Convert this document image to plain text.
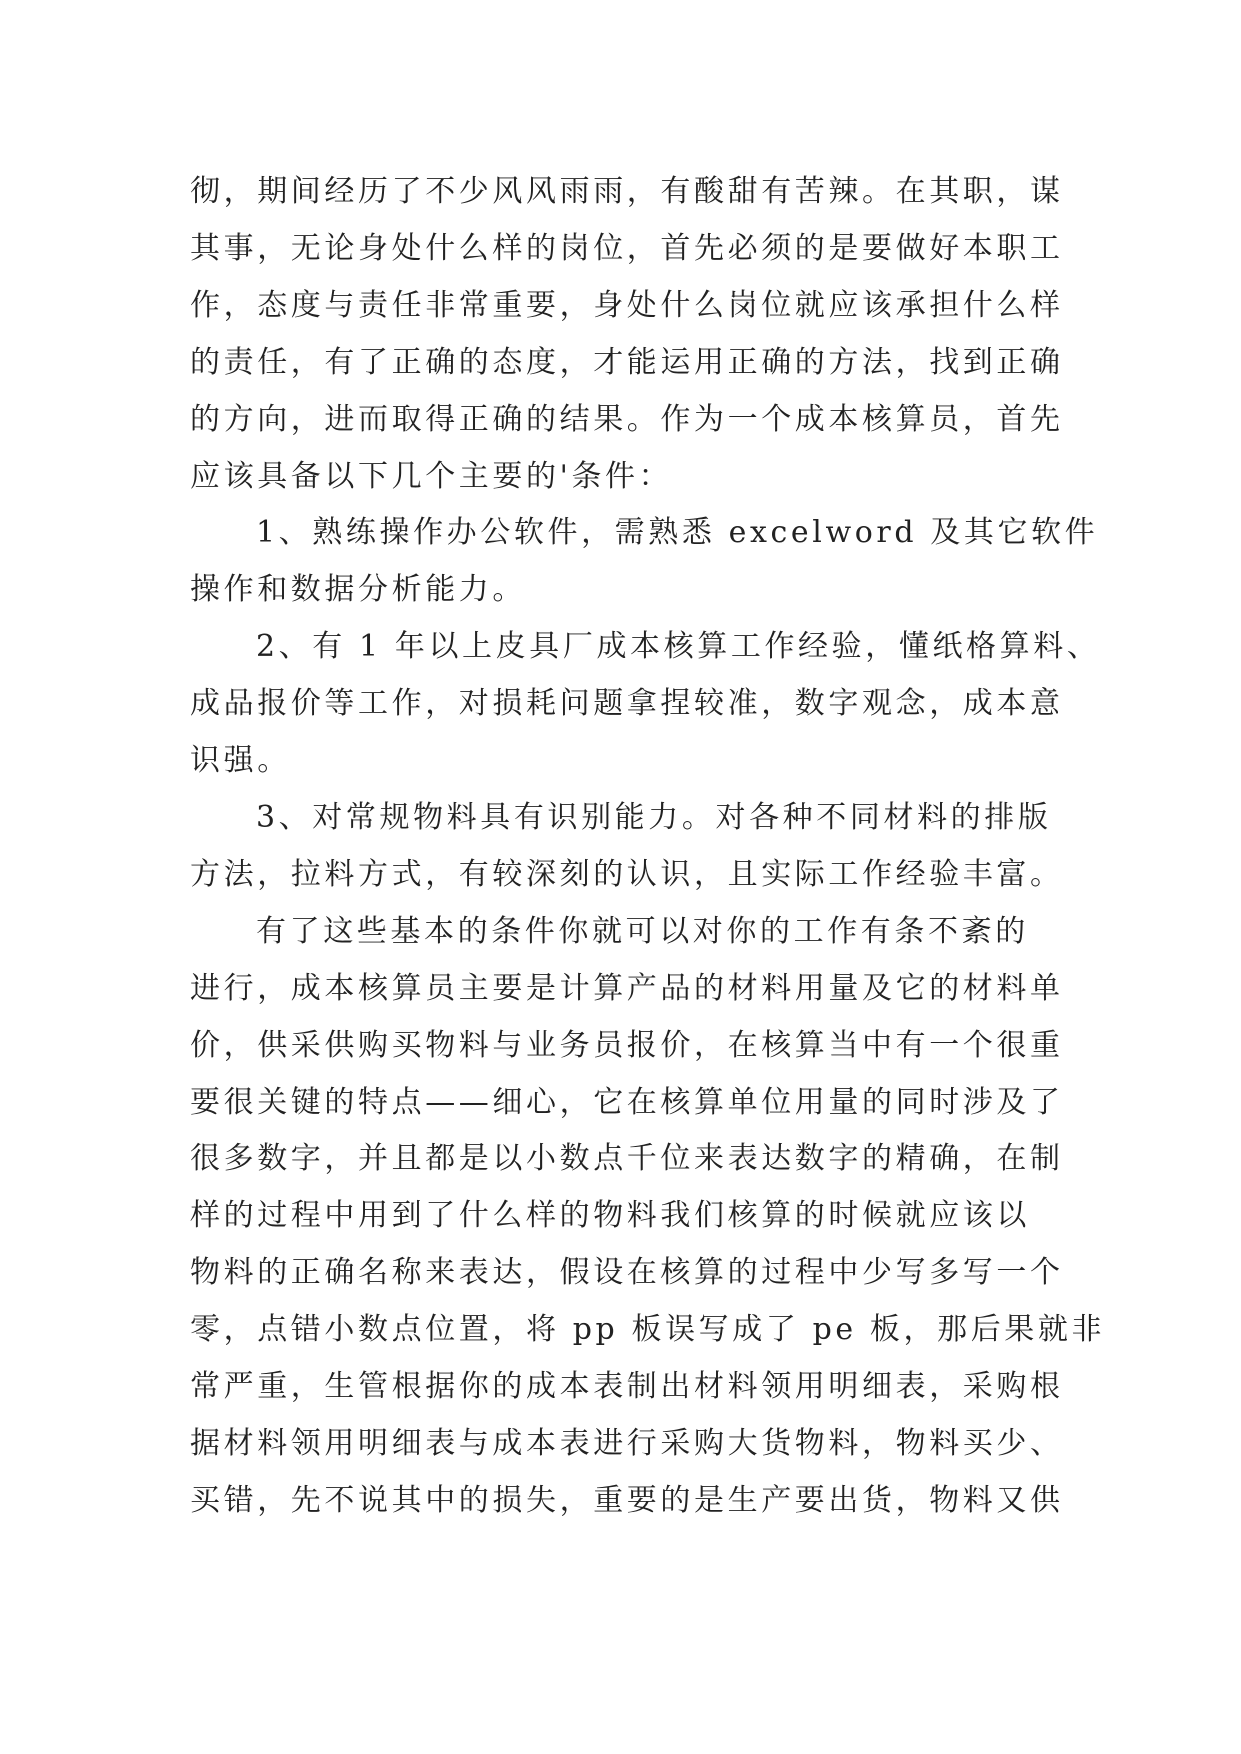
彻，期间经历了不少风风雨雨，有酸甜有苦辣。在其职，谋
其事，无论身处什么样的岗位，首先必须的是要做好本职工
作，态度与责任非常重要，身处什么岗位就应该承担什么样
的责任，有了正确的态度，才能运用正确的方法，找到正确
的方向，进而取得正确的结果。作为一个成本核算员，首先
应该具备以下几个主要的'条件：
1、熟练操作办公软件，需熟悉 excelword 及其它软件
操作和数据分析能力。
2、有 1 年以上皮具厂成本核算工作经验，懂纸格算料、
成品报价等工作，对损耗问题拿捏较准，数字观念，成本意
识强。
3、对常规物料具有识别能力。对各种不同材料的排版
方法，拉料方式，有较深刻的认识，且实际工作经验丰富。
有了这些基本的条件你就可以对你的工作有条不紊的
进行，成本核算员主要是计算产品的材料用量及它的材料单
价，供采供购买物料与业务员报价，在核算当中有一个很重
要很关键的特点——细心，它在核算单位用量的同时涉及了
很多数字，并且都是以小数点千位来表达数字的精确，在制
样的过程中用到了什么样的物料我们核算的时候就应该以
物料的正确名称来表达，假设在核算的过程中少写多写一个
零，点错小数点位置，将 pp 板误写成了 pe 板，那后果就非
常严重，生管根据你的成本表制出材料领用明细表，采购根
据材料领用明细表与成本表进行采购大货物料，物料买少、
买错，先不说其中的损失，重要的是生产要出货，物料又供
